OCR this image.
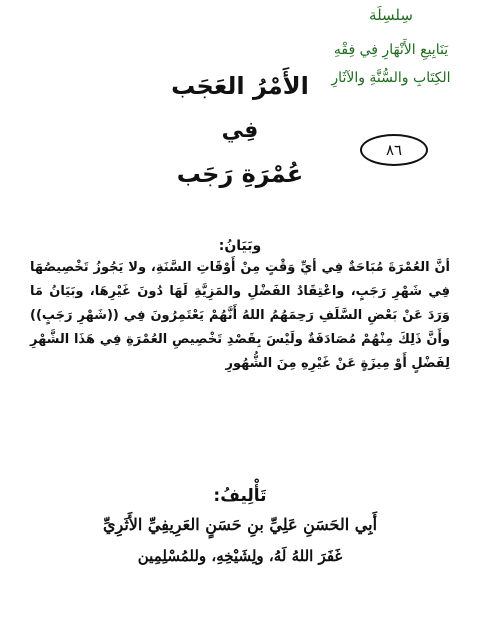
سِلسِلَة
يَنَابِيعِ الأَنْهَارِ فِي فِقْهِ
الكِتَابِ والسُّنَّةِ والآثَارِ
٨٦
الأَمْرُ العَجَب
فِي
عُمْرَةِ رَجَب
وبَيَانُ:
أنَّ العُمْرَةَ مُبَاحَةٌ فِي أيِّ وَقْتٍ مِنْ أَوْقَاتِ السَّنَةِ، ولا يَجُوزُ تَخْصِيصُهَا فِي شَهْرِ رَجَبٍ، واعْتِقَادُ الفَضْلِ والمَزِيَّةِ لَهَا دُونَ غَيْرِهَا، وبَيَانُ مَا وَرَدَ عَنْ بَعْضِ السَّلَفِ رَحِمَهُمُ اللهُ أَنَّهُمْ يَعْتَمِرُونَ فِي ((شَهْرِ رَجَبٍ)) وأَنَّ ذَلِكَ مِنْهُمْ مُصَادَفَةٌ ولَيْسَ بِقَصْدِ تَخْصِيصِ العُمْرَةِ فِي هَذَا الشَّهْرِ لِفَضْلٍ أَوْ مِيزَةٍ عَنْ غَيْرِهِ مِنَ الشُّهُورِ
تَأْلِيفُ:
أَبِي الحَسَنِ عَلِيِّ بنِ حَسَنٍ العَرِيفِيِّ الأَثَرِيِّ
غَفَرَ اللهُ لَهُ، ولِشَيْخِهِ، وللمُسْلِمِين
